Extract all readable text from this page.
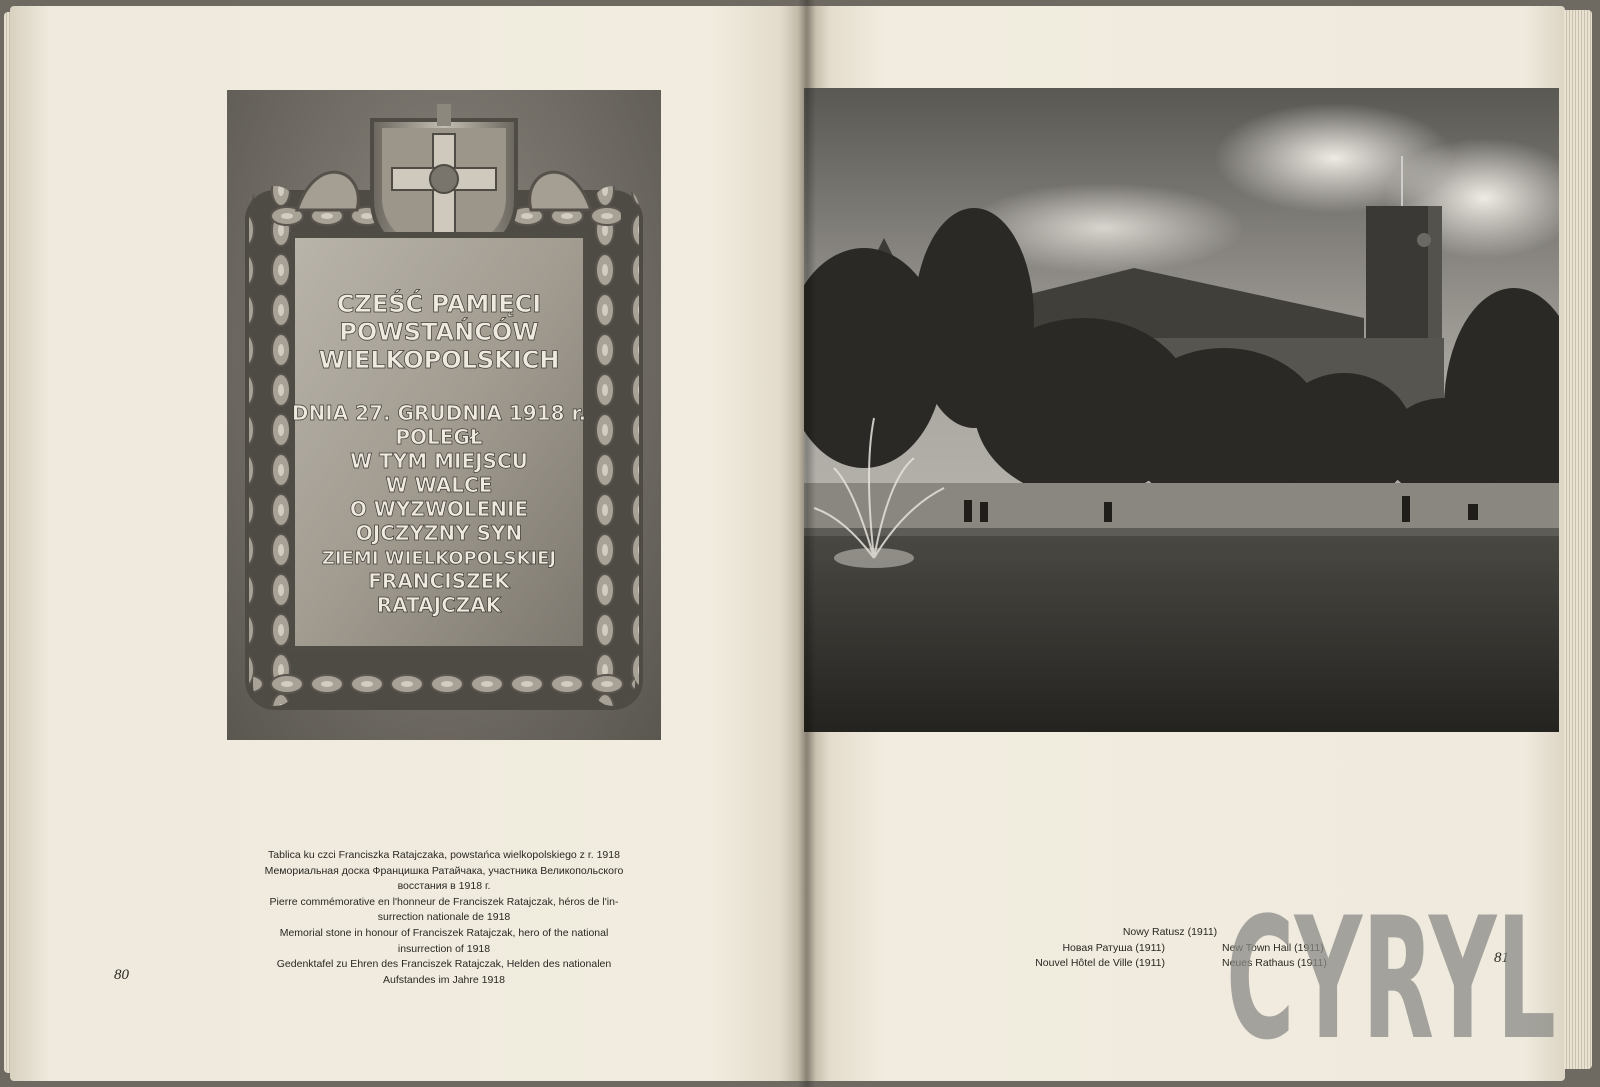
CZEŚĆ PAMIĘCI
POWSTAŃCÓW
WIELKOPOLSKICH
DNIA 27. GRUDNIA 1918 r.
POLEGŁ
W TYM MIEJSCU
W WALCE
O WYZWOLENIE
OJCZYZNY SYN
ZIEMI WIELKOPOLSKIEJ
FRANCISZEK
RATAJCZAK
Tablica ku czci Franciszka Ratajczaka, powstańca wielkopolskiego z r. 1918
Мемориальная доска Францишка Ратайчака, участника Великопольского
восстания в 1918 г.
Pierre commémorative en l'honneur de Franciszek Ratajczak, héros de l'in-
surrection nationale de 1918
Memorial stone in honour of Franciszek Ratajczak, hero of the national
insurrection of 1918
Gedenktafel zu Ehren des Franciszek Ratajczak, Helden des nationalen
Aufstandes im Jahre 1918
80
Nowy Ratusz (1911)
Новая Ратуша (1911)	New Town Hall (1911)
Nouvel Hôtel de Ville (1911)	Neues Rathaus (1911)	81
CYRYL
